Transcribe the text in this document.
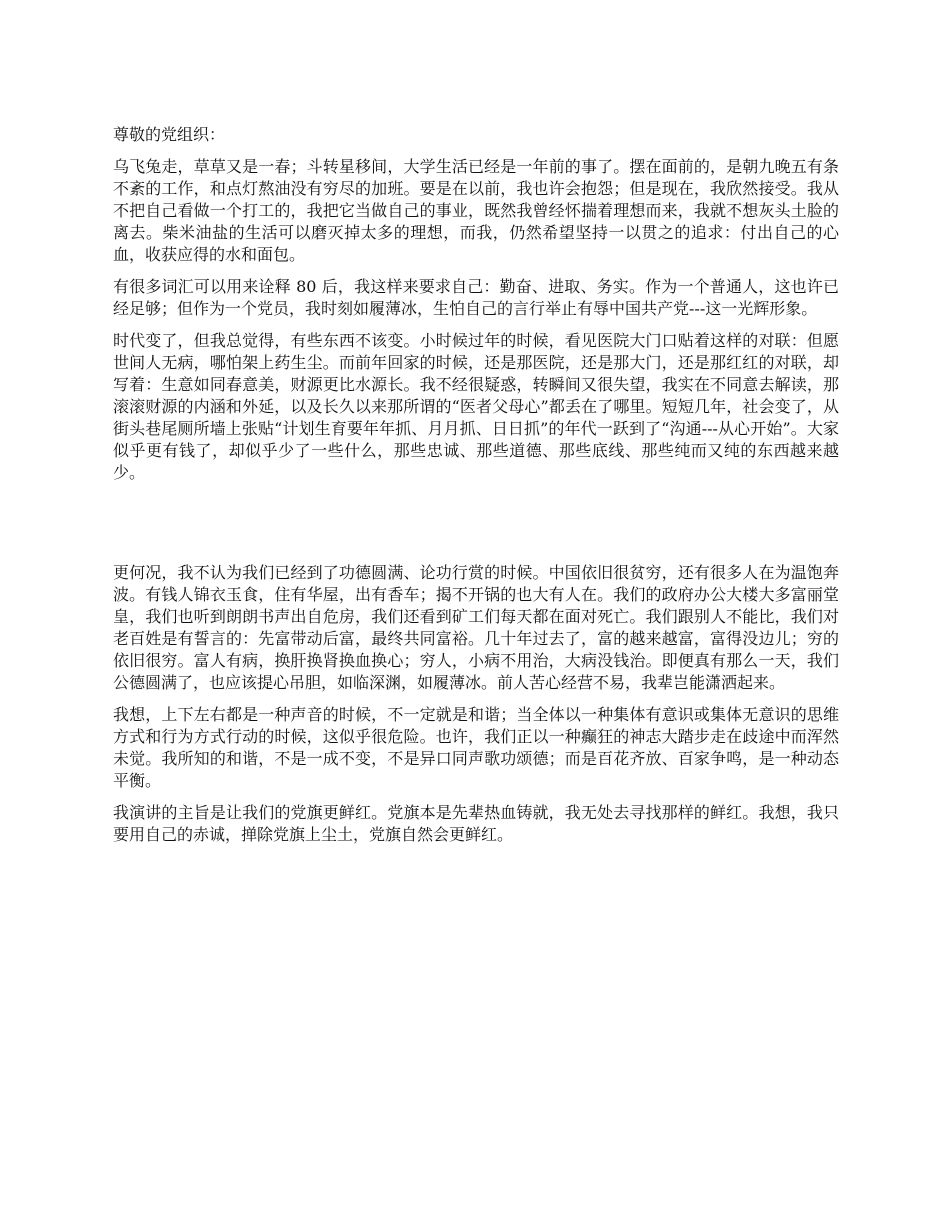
尊敬的党组织：

乌飞兔走，草草又是一春；斗转星移间，大学生活已经是一年前的事了。摆在面前的，是朝九晚五有条不紊的工作，和点灯熬油没有穷尽的加班。要是在以前，我也许会抱怨；但是现在，我欣然接受。我从不把自己看做一个打工的，我把它当做自己的事业，既然我曾经怀揣着理想而来，我就不想灰头土脸的离去。柴米油盐的生活可以磨灭掉太多的理想，而我，仍然希望坚持一以贯之的追求：付出自己的心血，收获应得的水和面包。

有很多词汇可以用来诠释 80 后，我这样来要求自己：勤奋、进取、务实。作为一个普通人，这也许已经足够；但作为一个党员，我时刻如履薄冰，生怕自己的言行举止有辱中国共产党---这一光辉形象。

时代变了，但我总觉得，有些东西不该变。小时候过年的时候，看见医院大门口贴着这样的对联：但愿世间人无病，哪怕架上药生尘。而前年回家的时候，还是那医院，还是那大门，还是那红红的对联，却写着：生意如同春意美，财源更比水源长。我不经很疑惑，转瞬间又很失望，我实在不同意去解读，那滚滚财源的内涵和外延，以及长久以来那所谓的“医者父母心”都丢在了哪里。短短几年，社会变了，从街头巷尾厕所墙上张贴“计划生育要年年抓、月月抓、日日抓”的年代一跃到了“沟通---从心开始”。大家似乎更有钱了，却似乎少了一些什么，那些忠诚、那些道德、那些底线、那些纯而又纯的东西越来越少。

更何况，我不认为我们已经到了功德圆满、论功行赏的时候。中国依旧很贫穷，还有很多人在为温饱奔波。有钱人锦衣玉食，住有华屋，出有香车；揭不开锅的也大有人在。我们的政府办公大楼大多富丽堂皇，我们也听到朗朗书声出自危房，我们还看到矿工们每天都在面对死亡。我们跟别人不能比，我们对老百姓是有誓言的：先富带动后富，最终共同富裕。几十年过去了，富的越来越富，富得没边儿；穷的依旧很穷。富人有病，换肝换肾换血换心；穷人，小病不用治，大病没钱治。即便真有那么一天，我们公德圆满了，也应该提心吊胆，如临深渊，如履薄冰。前人苦心经营不易，我辈岂能潇洒起来。

我想，上下左右都是一种声音的时候，不一定就是和谐；当全体以一种集体有意识或集体无意识的思维方式和行为方式行动的时候，这似乎很危险。也许，我们正以一种癫狂的神志大踏步走在歧途中而浑然未觉。我所知的和谐，不是一成不变，不是异口同声歌功颂德；而是百花齐放、百家争鸣，是一种动态平衡。

我演讲的主旨是让我们的党旗更鲜红。党旗本是先辈热血铸就，我无处去寻找那样的鲜红。我想，我只要用自己的赤诚，掸除党旗上尘土，党旗自然会更鲜红。
